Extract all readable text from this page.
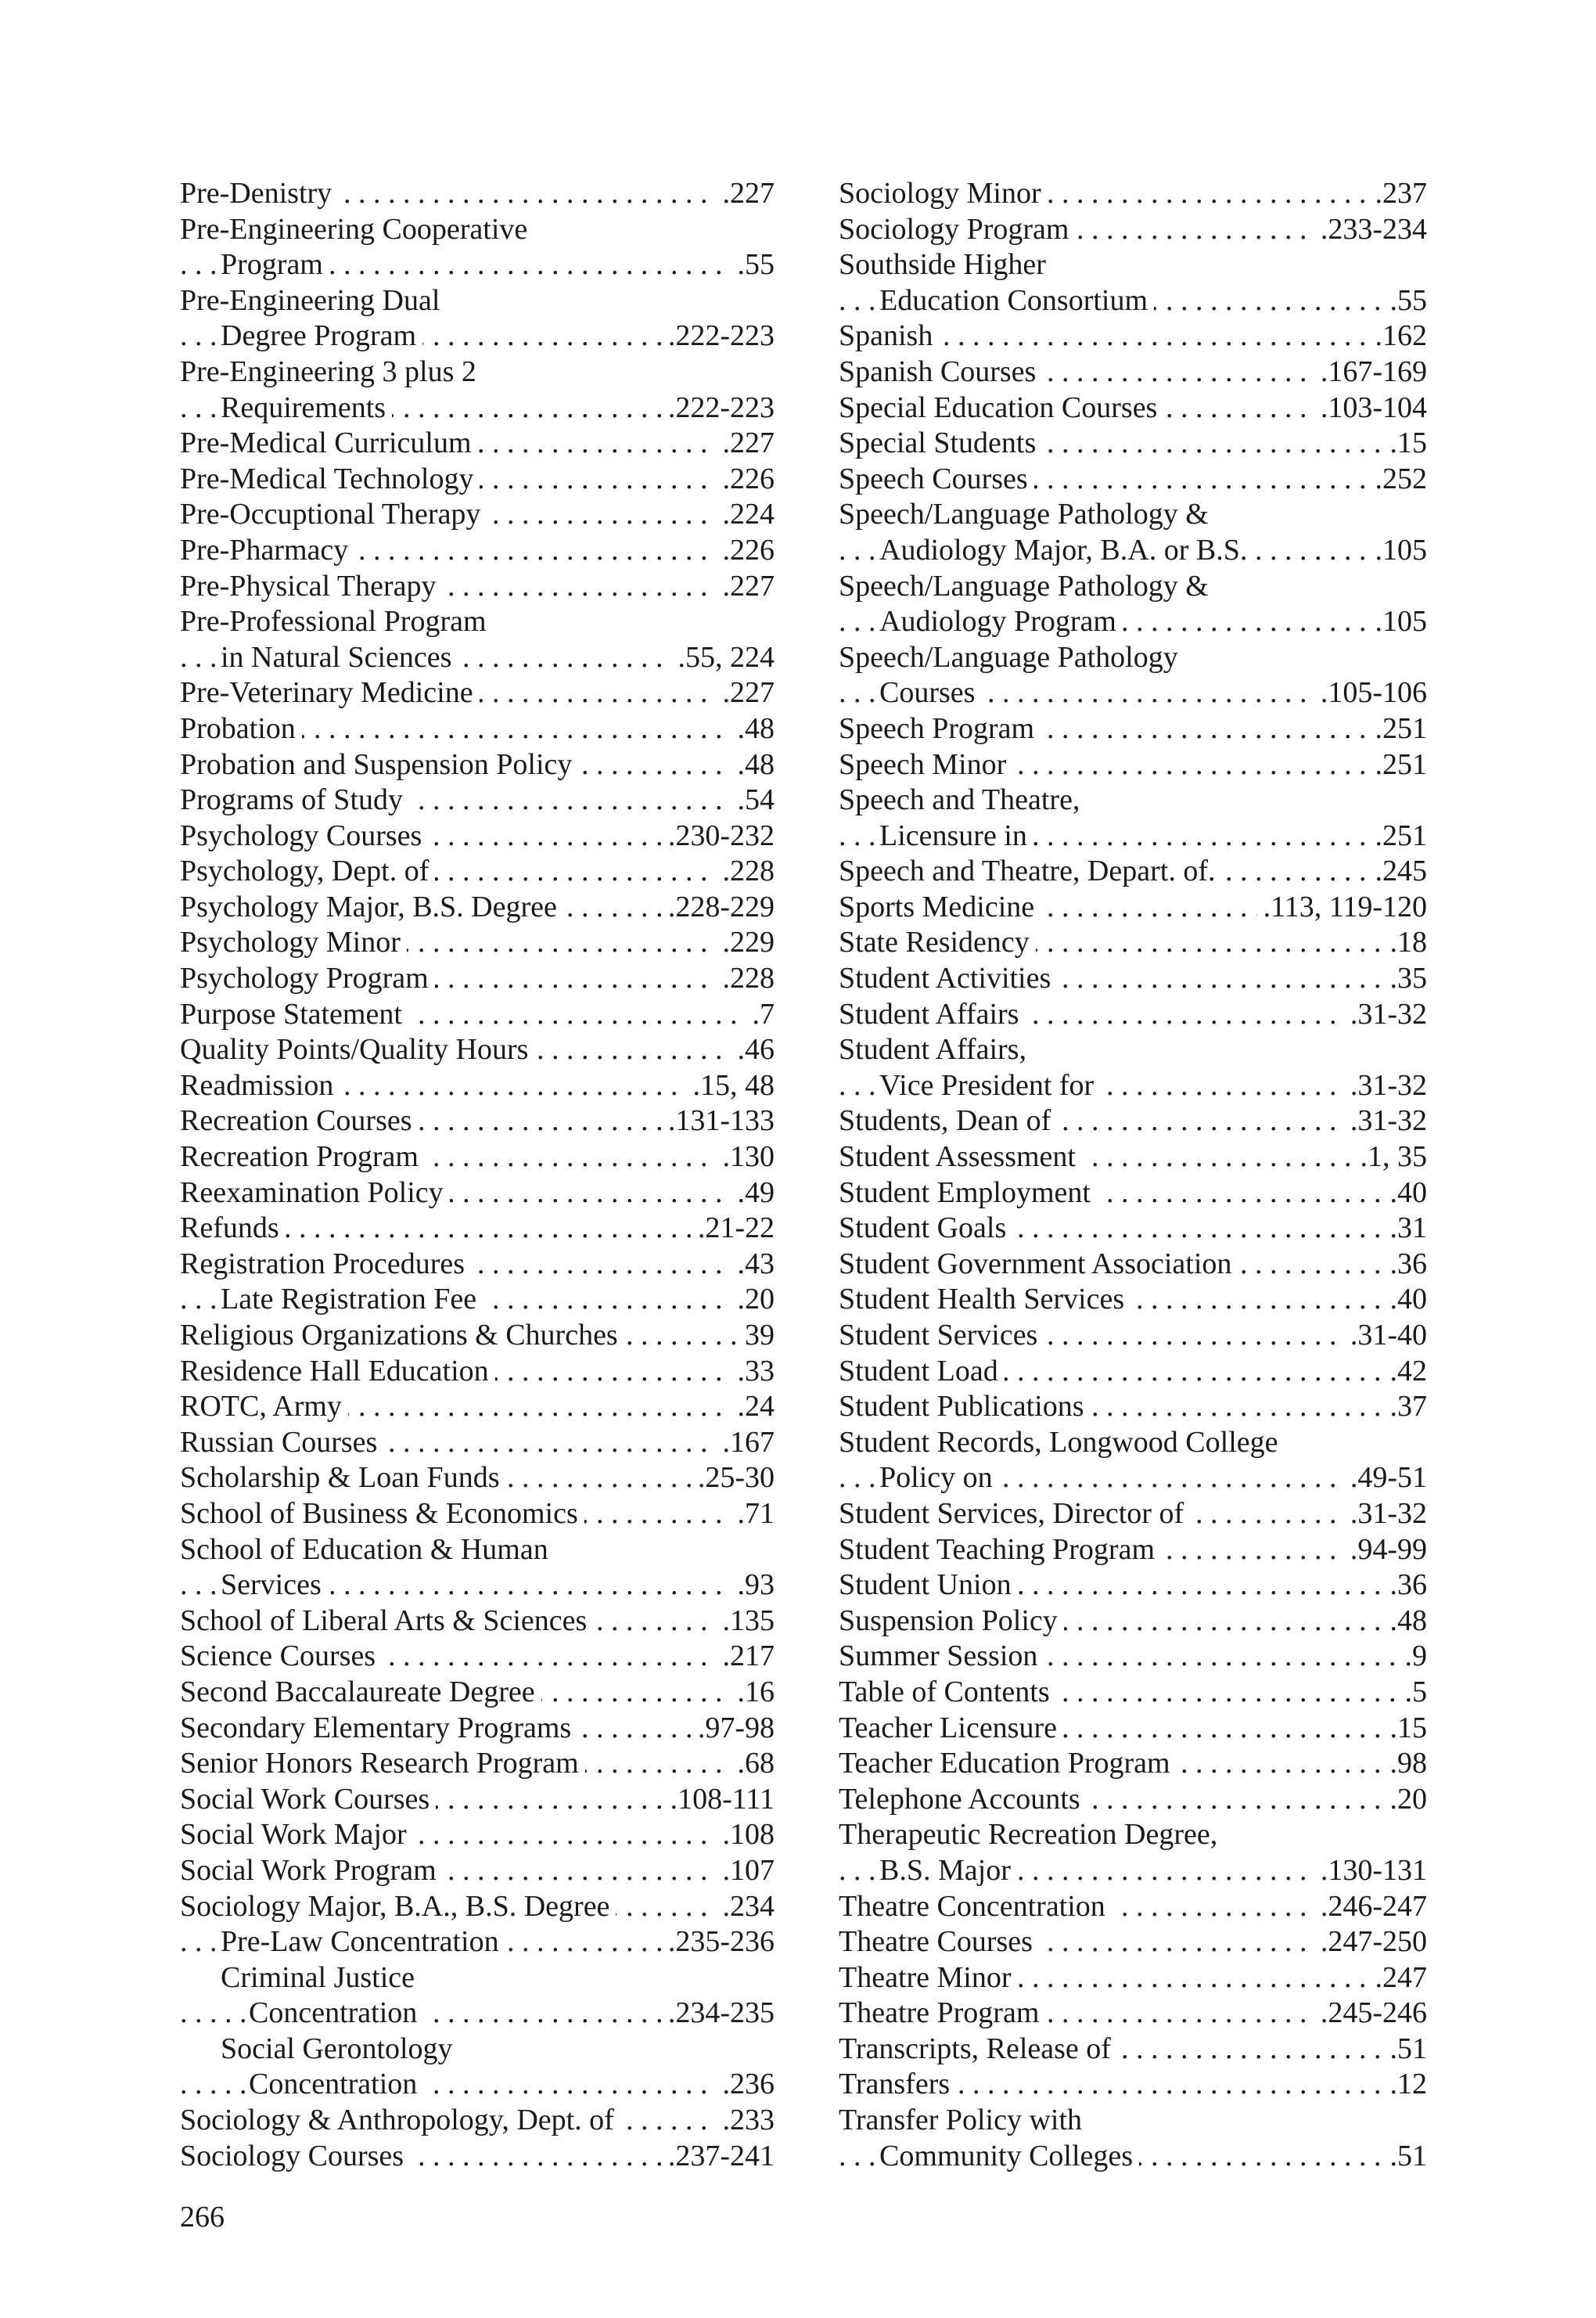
Pre-Denistry	.227
. . .
Pre-Engineering Cooperative
Program	.55
. . .
Pre-Engineering Dual
Degree Program	.222-223
. . .
Pre-Engineering 3 plus 2
Requirements	.222-223
. . .
Pre-Medical Curriculum	.227
. . .
Pre-Medical Technology	.226
. . .
Pre-Occuptional Therapy	.224
. . .
Pre-Pharmacy	.226
. . .
Pre-Physical Therapy	.227
. . .
Pre-Professional Program
in Natural Sciences	.55, 224
. . .
Pre-Veterinary Medicine	.227
. . .
Probation	.48
. . .
Probation and Suspension Policy	.48
. . .
Programs of Study	.54
. . .
Psychology Courses	.230-232
. . .
Psychology, Dept. of	.228
. . .
Psychology Major, B.S. Degree	.228-229
. . .
Psychology Minor	.229
. . .
Psychology Program	.228
. . .
Purpose Statement	.7
. . .
Quality Points/Quality Hours	.46
. . .
Readmission	.15, 48
. . .
Recreation Courses	.131-133
. . .
Recreation Program	.130
. . .
Reexamination Policy	.49
. . .
Refunds	.21-22
. . .
Registration Procedures	.43
. . .
Late Registration Fee	.20
. . .
Religious Organizations & Churches	39
. . .
Residence Hall Education	.33
. . .
ROTC, Army	.24
. . .
Russian Courses	.167
. . .
Scholarship & Loan Funds	.25-30
. . .
School of Business & Economics	.71
. . .
School of Education & Human
Services	.93
. . .
School of Liberal Arts & Sciences	.135
. . .
Science Courses	.217
. . .
Second Baccalaureate Degree	.16
. . .
Secondary Elementary Programs	.97-98
. . .
Senior Honors Research Program	.68
. . .
Social Work Courses	.108-111
. . .
Social Work Major	.108
. . .
Social Work Program	.107
. . .
Sociology Major, B.A., B.S. Degree	.234
. . .
Pre-Law Concentration	.235-236
. . .
Criminal Justice
Concentration	.234-235
. . .
Social Gerontology
Concentration	.236
. . .
Sociology & Anthropology, Dept. of	.233
. . .
Sociology Courses	.237-241
. . .
Sociology Minor	.237
. . .
Sociology Program	.233-234
. . .
Southside Higher
Education Consortium	.55
. . .
Spanish	.162
. . .
Spanish Courses	.167-169
. . .
Special Education Courses	.103-104
. . .
Special Students	.15
. . .
Speech Courses	.252
. . .
Speech/Language Pathology &
Audiology Major, B.A. or B.S.	.105
. . .
Speech/Language Pathology &
Audiology Program	.105
. . .
Speech/Language Pathology
Courses	.105-106
. . .
Speech Program	.251
. . .
Speech Minor	.251
. . .
Speech and Theatre,
Licensure in	.251
. . .
Speech and Theatre, Depart. of.	.245
. . .
Sports Medicine	.113, 119-120
. . .
State Residency	.18
. . .
Student Activities	.35
. . .
Student Affairs	.31-32
. . .
Student Affairs,
Vice President for	.31-32
. . .
Students, Dean of	.31-32
. . .
Student Assessment	.1, 35
. . .
Student Employment	.40
. . .
Student Goals	.31
. . .
Student Government Association	.36
. . .
Student Health Services	.40
. . .
Student Services	.31-40
. . .
Student Load	.42
. . .
Student Publications	.37
. . .
Student Records, Longwood College
Policy on	.49-51
. . .
Student Services, Director of	.31-32
. . .
Student Teaching Program	.94-99
. . .
Student Union	.36
. . .
Suspension Policy	.48
. . .
Summer Session	.9
. . .
Table of Contents	.5
. . .
Teacher Licensure	.15
. . .
Teacher Education Program	.98
. . .
Telephone Accounts	.20
. . .
Therapeutic Recreation Degree,
B.S. Major	.130-131
. . .
Theatre Concentration	.246-247
. . .
Theatre Courses	.247-250
. . .
Theatre Minor	.247
. . .
Theatre Program	.245-246
. . .
Transcripts, Release of	.51
. . .
Transfers	.12
. . .
Transfer Policy with
Community Colleges	.51
. . .
266
